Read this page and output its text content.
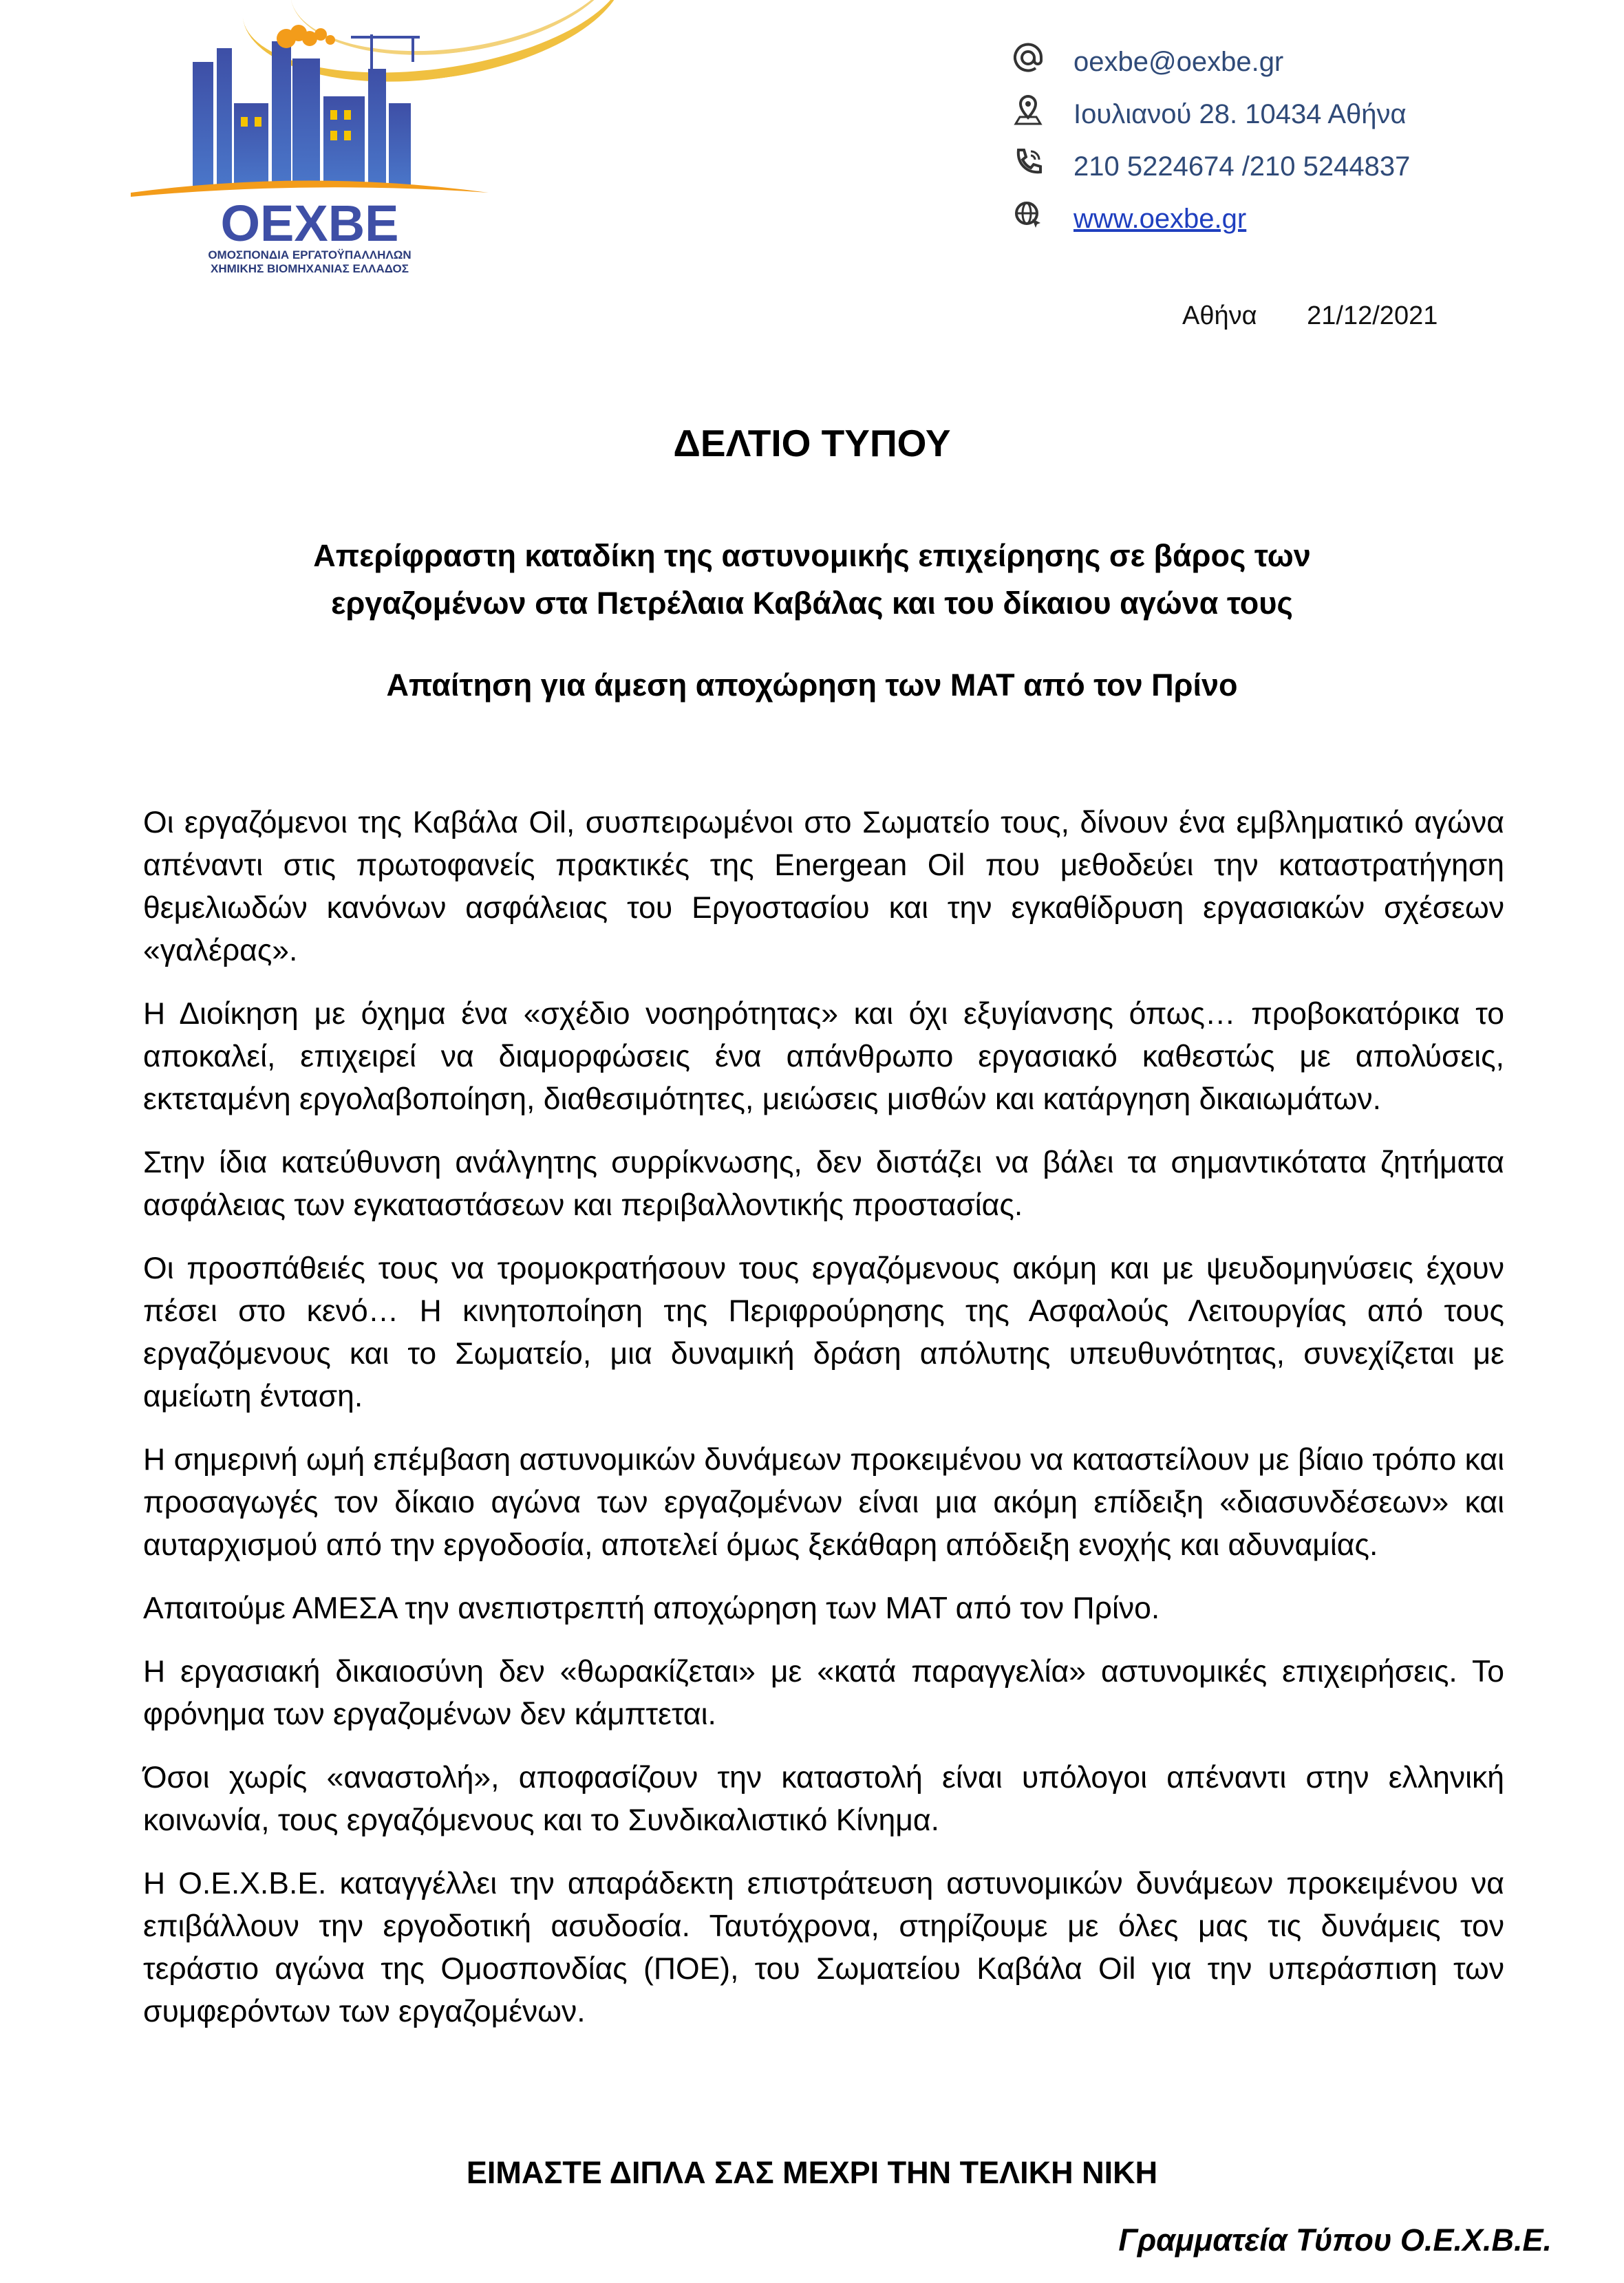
ΟΕΧΒΕ
ΟΜΟΣΠΟΝΔΙΑ ΕΡΓΑΤΟΫΠΑΛΛΗΛΩΝ
ΧΗΜΙΚΗΣ ΒΙΟΜΗΧΑΝΙΑΣ ΕΛΛΑΔΟΣ
oexbe@oexbe.gr
Ιουλιανού 28. 10434 Αθήνα
210 5224674 /210 5244837
www.oexbe.gr
Αθήνα 21/12/2021
ΔΕΛΤΙΟ ΤΥΠΟΥ
Απερίφραστη καταδίκη της αστυνομικής επιχείρησης σε βάρος των
εργαζομένων στα Πετρέλαια Καβάλας και του δίκαιου αγώνα τους
Απαίτηση για άμεση αποχώρηση των ΜΑΤ από τον Πρίνο

Οι εργαζόμενοι της Καβάλα Oil, συσπειρωμένοι στο Σωματείο τους, δίνουν ένα εμβληματικό αγώνα απέναντι στις πρωτοφανείς πρακτικές της Energean Oil που μεθοδεύει την καταστρατήγηση θεμελιωδών κανόνων ασφάλειας του Εργοστασίου και την εγκαθίδρυση εργασιακών σχέσεων «γαλέρας».

Η Διοίκηση με όχημα ένα «σχέδιο νοσηρότητας» και όχι εξυγίανσης όπως… προβοκατόρικα το αποκαλεί, επιχειρεί να διαμορφώσεις ένα απάνθρωπο εργασιακό καθεστώς με απολύσεις, εκτεταμένη εργολαβοποίηση, διαθεσιμότητες, μειώσεις μισθών και κατάργηση δικαιωμάτων.

Στην ίδια κατεύθυνση ανάλγητης συρρίκνωσης, δεν διστάζει να βάλει τα σημαντικότατα ζητήματα ασφάλειας των εγκαταστάσεων και περιβαλλοντικής προστασίας.

Οι προσπάθειές τους να τρομοκρατήσουν τους εργαζόμενους ακόμη και με ψευδομηνύσεις έχουν πέσει στο κενό… Η κινητοποίηση της Περιφρούρησης της Ασφαλούς Λειτουργίας από τους εργαζόμενους και το Σωματείο, μια δυναμική δράση απόλυτης υπευθυνότητας, συνεχίζεται με αμείωτη ένταση.

Η σημερινή ωμή επέμβαση αστυνομικών δυνάμεων προκειμένου να καταστείλουν με βίαιο τρόπο και προσαγωγές τον δίκαιο αγώνα των εργαζομένων είναι μια ακόμη επίδειξη «διασυνδέσεων» και αυταρχισμού από την εργοδοσία, αποτελεί όμως ξεκάθαρη απόδειξη ενοχής και αδυναμίας.

Απαιτούμε ΑΜΕΣΑ την ανεπιστρεπτή αποχώρηση των ΜΑΤ από τον Πρίνο.

Η εργασιακή δικαιοσύνη δεν «θωρακίζεται» με «κατά παραγγελία» αστυνομικές επιχειρήσεις. Το φρόνημα των εργαζομένων δεν κάμπτεται.

Όσοι χωρίς «αναστολή», αποφασίζουν την καταστολή είναι υπόλογοι απέναντι στην ελληνική κοινωνία, τους εργαζόμενους και το Συνδικαλιστικό Κίνημα.

Η Ο.Ε.Χ.Β.Ε. καταγγέλλει την απαράδεκτη επιστράτευση αστυνομικών δυνάμεων προκειμένου να επιβάλλουν την εργοδοτική ασυδοσία. Ταυτόχρονα, στηρίζουμε με όλες μας τις δυνάμεις τον τεράστιο αγώνα της Ομοσπονδίας (ΠΟΕ), του Σωματείου Καβάλα Oil για την υπεράσπιση των συμφερόντων των εργαζομένων.

ΕΙΜΑΣΤΕ ΔΙΠΛΑ ΣΑΣ ΜΕΧΡΙ ΤΗΝ ΤΕΛΙΚΗ ΝΙΚΗ
Γραμματεία Τύπου Ο.Ε.Χ.Β.Ε.
